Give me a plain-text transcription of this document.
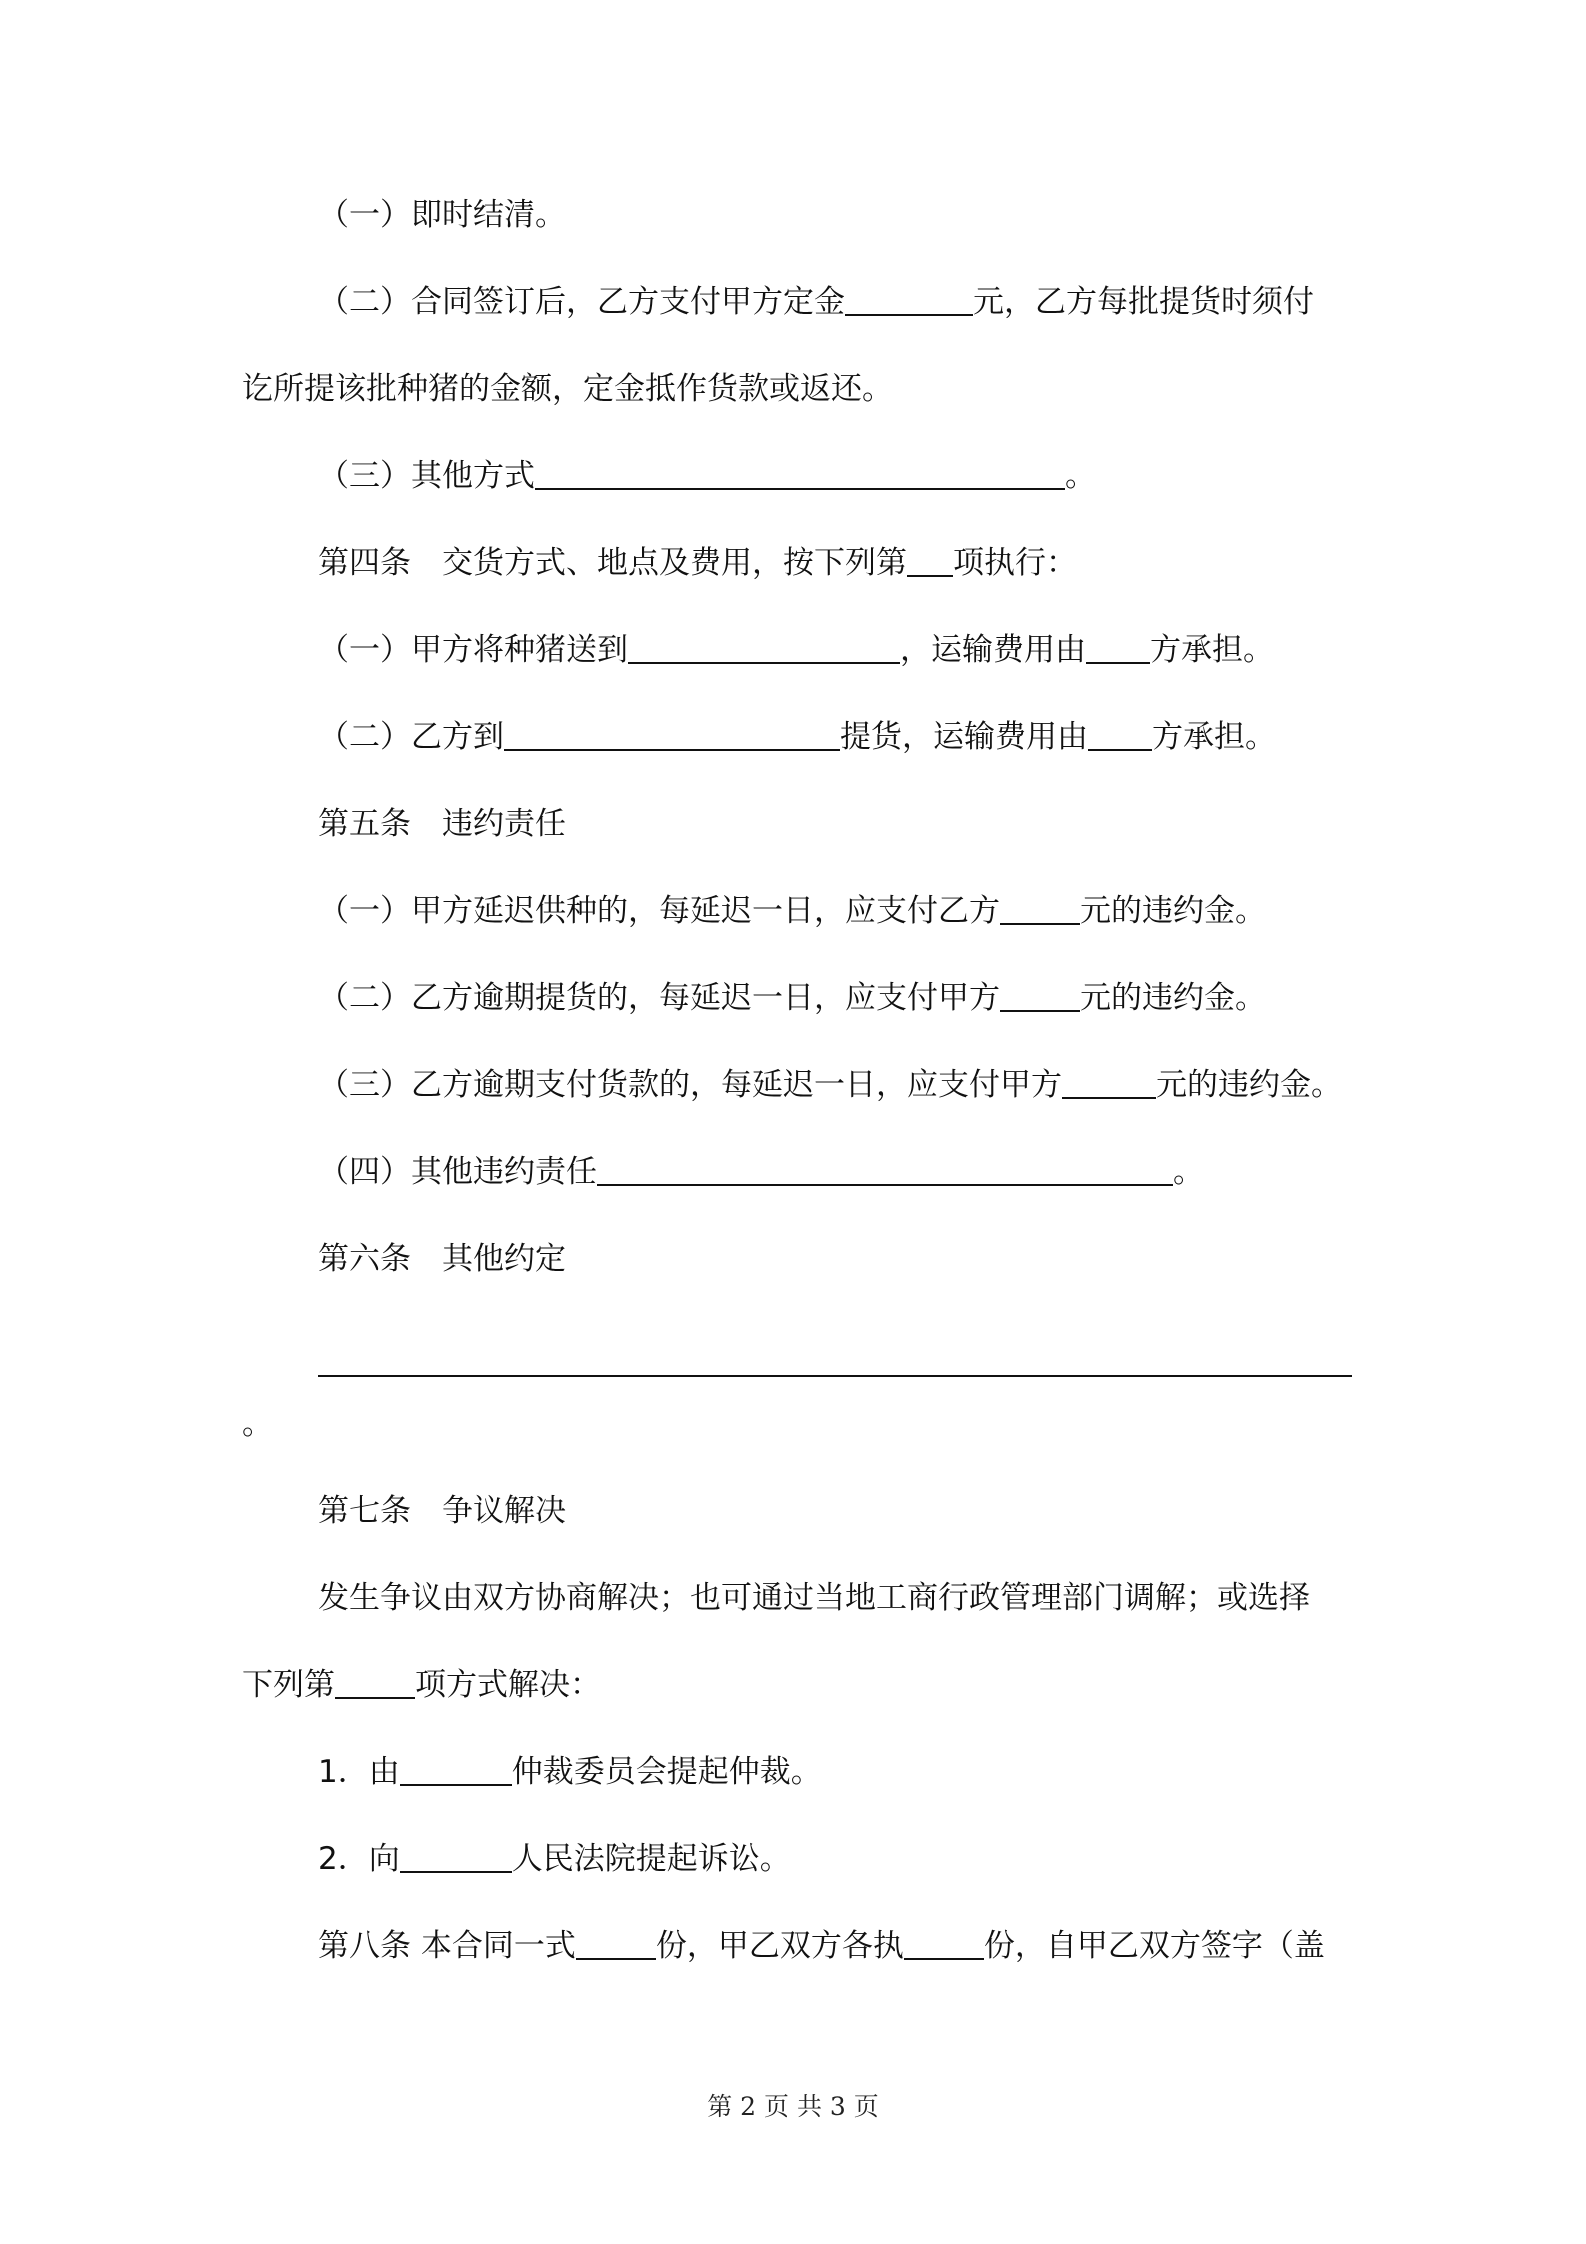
（一）即时结清。
（二）合同签订后，乙方支付甲方定金	元，乙方每批提货时须付
讫所提该批种猪的金额，定金抵作货款或返还。
（三）其他方式	。
第四条　交货方式、地点及费用，按下列第 项执行：
（一）甲方将种猪送到	，运输费用由 方承担。
（二）乙方到	提货，运输费用由 方承担。
第五条　违约责任
（一）甲方延迟供种的，每延迟一日，应支付乙方	元的违约金。
（二）乙方逾期提货的，每延迟一日，应支付甲方	元的违约金。
（三）乙方逾期支付货款的，每延迟一日，应支付甲方	元的违约金。
（四）其他违约责任	。
第六条　其他约定
。
第七条　争议解决
发生争议由双方协商解决；也可通过当地工商行政管理部门调解；或选择
下列第	项方式解决：
1．由	仲裁委员会提起仲裁。
2．向	人民法院提起诉讼。
第八条 本合同一式	份，甲乙双方各执	份，自甲乙双方签字（盖
第 2 页 共 3 页
